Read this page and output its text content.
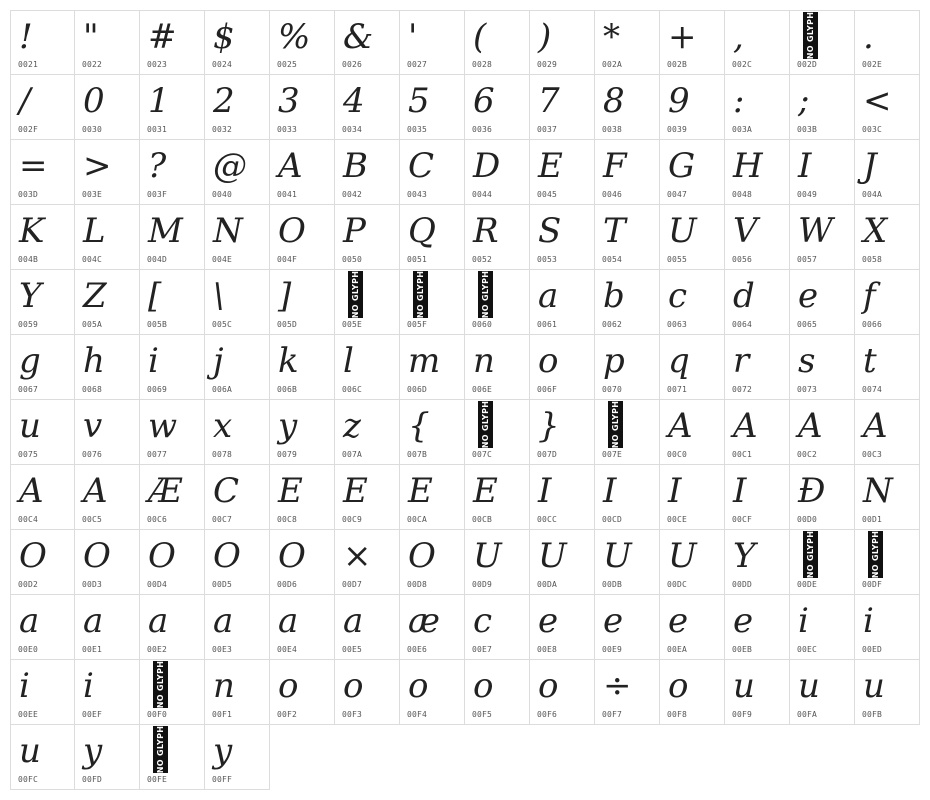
!
0021
"
0022
#
0023
$
0024
%
0025
&
0026
'
0027
(
0028
)
0029
*
002A
+
002B
,
002C
NO GLYPH
002D
.
002E
/
002F
0
0030
1
0031
2
0032
3
0033
4
0034
5
0035
6
0036
7
0037
8
0038
9
0039
:
003A
;
003B
<
003C
=
003D
>
003E
?
003F
@
0040
A
0041
B
0042
C
0043
D
0044
E
0045
F
0046
G
0047
H
0048
I
0049
J
004A
K
004B
L
004C
M
004D
N
004E
O
004F
P
0050
Q
0051
R
0052
S
0053
T
0054
U
0055
V
0056
W
0057
X
0058
Y
0059
Z
005A
[
005B
\
005C
]
005D
NO GLYPH
005E
NO GLYPH
005F
NO GLYPH
0060
a
0061
b
0062
c
0063
d
0064
e
0065
f
0066
g
0067
h
0068
i
0069
j
006A
k
006B
l
006C
m
006D
n
006E
o
006F
p
0070
q
0071
r
0072
s
0073
t
0074
u
0075
v
0076
w
0077
x
0078
y
0079
z
007A
{
007B
NO GLYPH
007C
}
007D
NO GLYPH
007E
A
00C0
A
00C1
A
00C2
A
00C3
A
00C4
A
00C5
Æ
00C6
C
00C7
E
00C8
E
00C9
E
00CA
E
00CB
I
00CC
I
00CD
I
00CE
I
00CF
Đ
00D0
N
00D1
O
00D2
O
00D3
O
00D4
O
00D5
O
00D6
×
00D7
O
00D8
U
00D9
U
00DA
U
00DB
U
00DC
Y
00DD
NO GLYPH
00DE
NO GLYPH
00DF
a
00E0
a
00E1
a
00E2
a
00E3
a
00E4
a
00E5
æ
00E6
c
00E7
e
00E8
e
00E9
e
00EA
e
00EB
i
00EC
i
00ED
i
00EE
i
00EF
NO GLYPH
00F0
n
00F1
o
00F2
o
00F3
o
00F4
o
00F5
o
00F6
÷
00F7
o
00F8
u
00F9
u
00FA
u
00FB
u
00FC
y
00FD
NO GLYPH
00FE
y
00FF
